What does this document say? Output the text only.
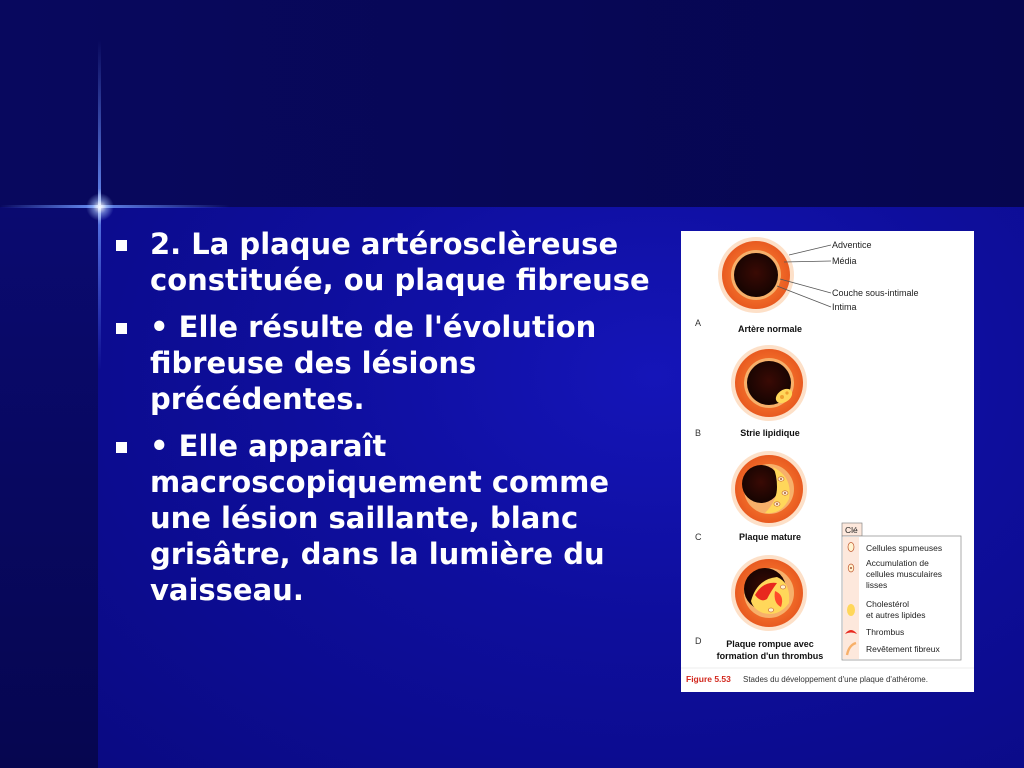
2. La plaque artérosclèreuse constituée, ou plaque fibreuse
• Elle résulte de l'évolution fibreuse des lésions précédentes.
• Elle apparaît macroscopiquement comme une lésion saillante, blanc grisâtre, dans la lumière du vaisseau.
Adventice
Média
Couche sous-intimale
Intima
A
Artère normale
B	Strie lipidique
C	Plaque mature
D	Plaque rompue avec
formation d'un thrombus
Clé
Cellules spumeuses
Accumulation de
cellules musculaires
lisses
Cholestérol
et autres lipides
Thrombus
Revêtement fibreux
Figure 5.53 Stades du développement d'une plaque d'athérome.
